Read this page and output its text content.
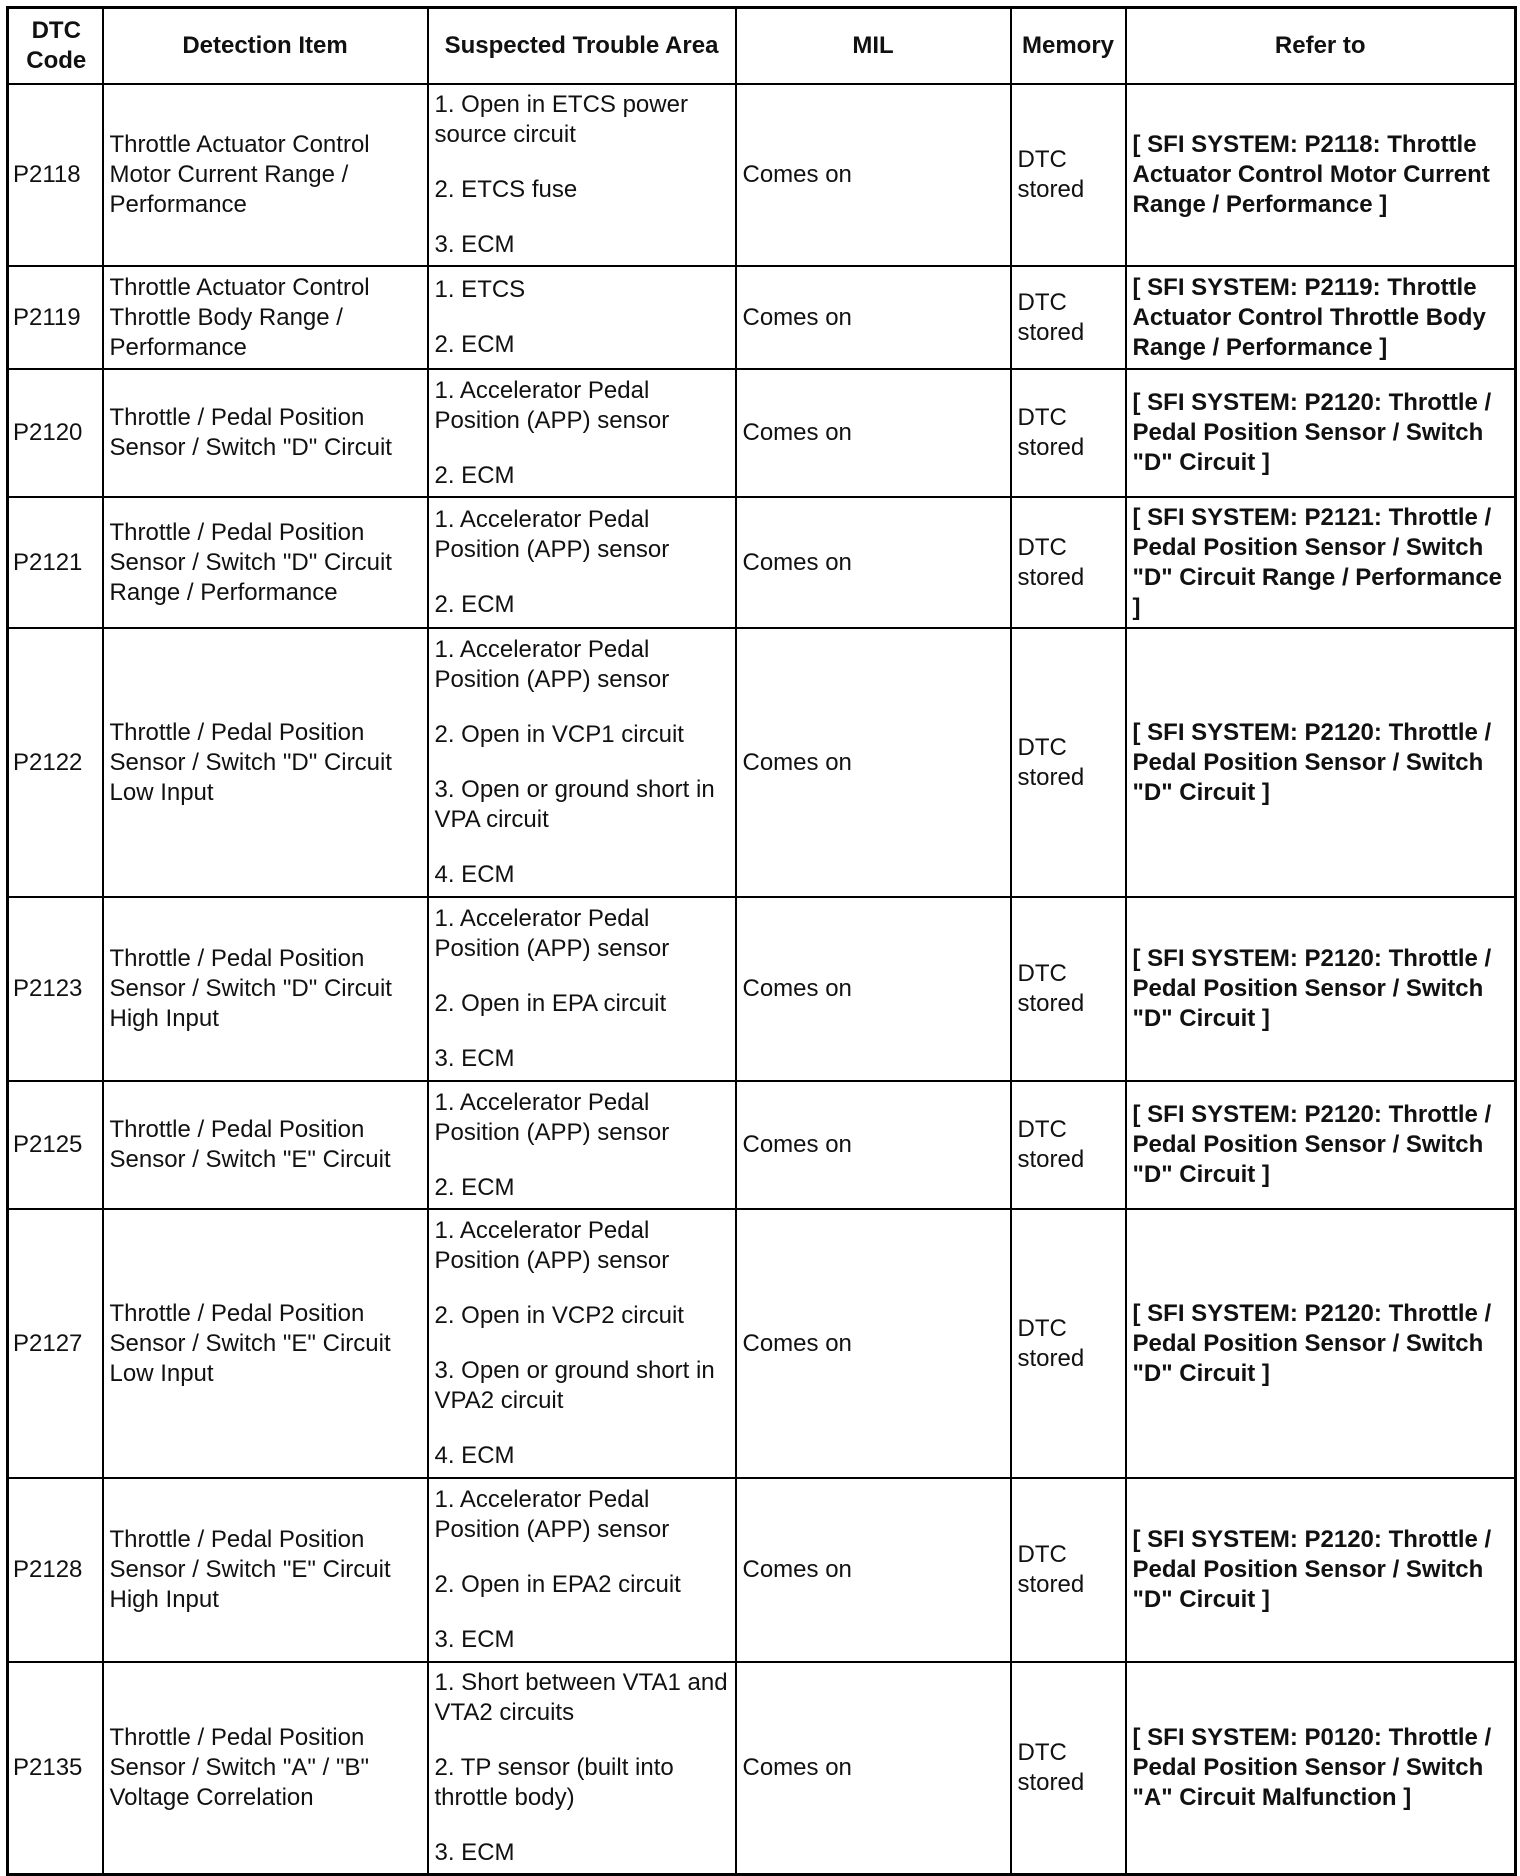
DTC Code	Detection Item	Suspected Trouble Area	MIL	Memory	Refer to
P2118	Throttle Actuator Control Motor Current Range / Performance	1. Open in ETCS power source circuit
2. ETCS fuse
3. ECM	Comes on	DTC stored	[ SFI SYSTEM: P2118: Throttle Actuator Control Motor Current Range / Performance ]
P2119	Throttle Actuator Control Throttle Body Range / Performance	1. ETCS
2. ECM	Comes on	DTC stored	[ SFI SYSTEM: P2119: Throttle Actuator Control Throttle Body Range / Performance ]
P2120	Throttle / Pedal Position Sensor / Switch "D" Circuit	1. Accelerator Pedal Position (APP) sensor
2. ECM	Comes on	DTC stored	[ SFI SYSTEM: P2120: Throttle / Pedal Position Sensor / Switch "D" Circuit ]
P2121	Throttle / Pedal Position Sensor / Switch "D" Circuit Range / Performance	1. Accelerator Pedal Position (APP) sensor
2. ECM	Comes on	DTC stored	[ SFI SYSTEM: P2121: Throttle / Pedal Position Sensor / Switch "D" Circuit Range / Performance ]
P2122	Throttle / Pedal Position Sensor / Switch "D" Circuit Low Input	1. Accelerator Pedal Position (APP) sensor
2. Open in VCP1 circuit
3. Open or ground short in VPA circuit
4. ECM	Comes on	DTC stored	[ SFI SYSTEM: P2120: Throttle / Pedal Position Sensor / Switch "D" Circuit ]
P2123	Throttle / Pedal Position Sensor / Switch "D" Circuit High Input	1. Accelerator Pedal Position (APP) sensor
2. Open in EPA circuit
3. ECM	Comes on	DTC stored	[ SFI SYSTEM: P2120: Throttle / Pedal Position Sensor / Switch "D" Circuit ]
P2125	Throttle / Pedal Position Sensor / Switch "E" Circuit	1. Accelerator Pedal Position (APP) sensor
2. ECM	Comes on	DTC stored	[ SFI SYSTEM: P2120: Throttle / Pedal Position Sensor / Switch "D" Circuit ]
P2127	Throttle / Pedal Position Sensor / Switch "E" Circuit Low Input	1. Accelerator Pedal Position (APP) sensor
2. Open in VCP2 circuit
3. Open or ground short in VPA2 circuit
4. ECM	Comes on	DTC stored	[ SFI SYSTEM: P2120: Throttle / Pedal Position Sensor / Switch "D" Circuit ]
P2128	Throttle / Pedal Position Sensor / Switch "E" Circuit High Input	1. Accelerator Pedal Position (APP) sensor
2. Open in EPA2 circuit
3. ECM	Comes on	DTC stored	[ SFI SYSTEM: P2120: Throttle / Pedal Position Sensor / Switch "D" Circuit ]
P2135	Throttle / Pedal Position Sensor / Switch "A" / "B" Voltage Correlation	1. Short between VTA1 and VTA2 circuits
2. TP sensor (built into throttle body)
3. ECM	Comes on	DTC stored	[ SFI SYSTEM: P0120: Throttle / Pedal Position Sensor / Switch "A" Circuit Malfunction ]
